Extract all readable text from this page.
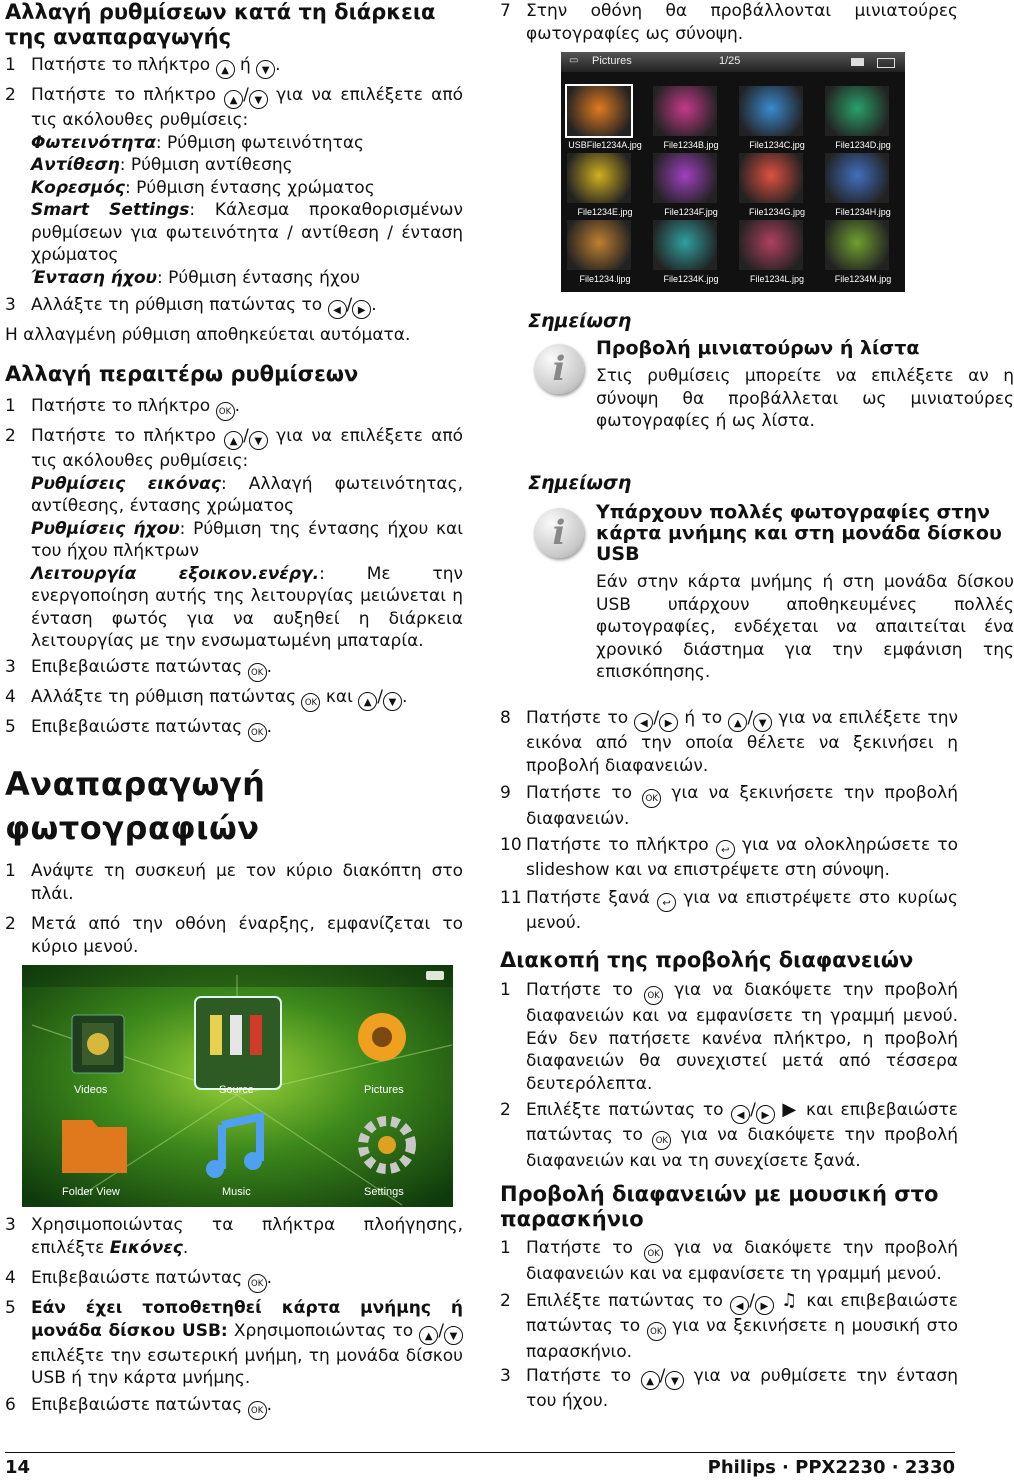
Αλλαγή ρυθμίσεων κατά τη διάρκεια της αναπαραγωγής

1 Πατήστε το πλήκτρο ▲ ή ▼ .
2 Πατήστε το πλήκτρο ▲ / ▼ για να επιλέξετε από τις ακόλουθες ρυθμίσεις:
Φωτεινότητα: Ρύθμιση φωτεινότητας
Αντίθεση: Ρύθμιση αντίθεσης
Κορεσμός: Ρύθμιση έντασης χρώματος
Smart Settings: Κάλεσμα προκαθορισμένων ρυθμίσεων για φωτεινότητα / αντίθεση / ένταση χρώματος
Ένταση ήχου: Ρύθμιση έντασης ήχου
3 Αλλάξτε τη ρύθμιση πατώντας το ◀ / ▶ .

Η αλλαγμένη ρύθμιση αποθηκεύεται αυτόματα.

Αλλαγή περαιτέρω ρυθμίσεων

1 Πατήστε το πλήκτρο OK .
2 Πατήστε το πλήκτρο ▲ / ▼ για να επιλέξετε από τις ακόλουθες ρυθμίσεις:
Ρυθμίσεις εικόνας: Αλλαγή φωτεινότητας, αντίθεσης, έντασης χρώματος
Ρυθμίσεις ήχου: Ρύθμιση της έντασης ήχου και του ήχου πλήκτρων
Λειτουργία εξοικον.ενέργ.: Με την ενεργοποίηση αυτής της λειτουργίας μειώνεται η ένταση φωτός για να αυξηθεί η διάρκεια λειτουργίας με την ενσωματωμένη μπαταρία.
3 Επιβεβαιώστε πατώντας OK .
4 Αλλάξτε τη ρύθμιση πατώντας OK και ▲ / ▼ .
5 Επιβεβαιώστε πατώντας OK .

Αναπαραγωγή φωτογραφιών

1 Ανάψτε τη συσκευή με τον κύριο διακόπτη στο πλάι.
2 Μετά από την οθόνη έναρξης, εμφανίζεται το κύριο μενού.
Videos	Source	Pictures
Folder View	Music	Settings
3 Χρησιμοποιώντας τα πλήκτρα πλοήγησης, επιλέξτε Εικόνες.
4 Επιβεβαιώστε πατώντας OK .
5 Εάν έχει τοποθετηθεί κάρτα μνήμης ή μονάδα δίσκου USB: Χρησιμοποιώντας το ▲ / ▼ επιλέξτε την εσωτερική μνήμη, τη μονάδα δίσκου USB ή την κάρτα μνήμης.
6 Επιβεβαιώστε πατώντας OK .
7 Στην οθόνη θα προβάλλονται μινιατούρες φωτογραφίες ως σύνοψη.
▭ Pictures	1/25
USBFile1234A.jpg	File1234B.jpg	File1234C.jpg	File1234D.jpg
File1234E.jpg	File1234F.jpg	File1234G.jpg	File1234H.jpg
File1234.ljpg	File1234K.jpg	File1234L.jpg	File1234M.jpg

Σημείωση

i

Προβολή μινιατούρων ή λίστα

Στις ρυθμίσεις μπορείτε να επιλέξετε αν η σύνοψη θα προβάλλεται ως μινιατούρες φωτογραφίες ή ως λίστα.

Σημείωση

i

Υπάρχουν πολλές φωτογραφίες στην κάρτα μνήμης και στη μονάδα δίσκου USB

Εάν στην κάρτα μνήμης ή στη μονάδα δίσκου USB υπάρχουν αποθηκευμένες πολλές φωτογραφίες, ενδέχεται να απαιτείται ένα χρονικό διάστημα για την εμφάνιση της επισκόπησης.

8 Πατήστε το ◀ / ▶ ή το ▲ / ▼ για να επιλέξετε την εικόνα από την οποία θέλετε να ξεκινήσει η προβολή διαφανειών.
9 Πατήστε το OK για να ξεκινήσετε την προβολή διαφανειών.
10 Πατήστε το πλήκτρο ↩ για να ολοκληρώσετε το slideshow και να επιστρέψετε στη σύνοψη.
11 Πατήστε ξανά ↩ για να επιστρέψετε στο κυρίως μενού.

Διακοπή της προβολής διαφανειών

1 Πατήστε το OK για να διακόψετε την προβολή διαφανειών και να εμφανίσετε τη γραμμή μενού. Εάν δεν πατήσετε κανένα πλήκτρο, η προβολή διαφανειών θα συνεχιστεί μετά από τέσσερα δευτερόλεπτα.
2 Επιλέξτε πατώντας το ◀ / ▶ ▶ και επιβεβαιώστε πατώντας το OK για να διακόψετε την προβολή διαφανειών και να τη συνεχίσετε ξανά.

Προβολή διαφανειών με μουσική στο παρασκήνιο

1 Πατήστε το OK για να διακόψετε την προβολή διαφανειών και να εμφανίσετε τη γραμμή μενού.
2 Επιλέξτε πατώντας το ◀ / ▶ ♫ και επιβεβαιώστε πατώντας το OK για να ξεκινήσετε η μουσική στο παρασκήνιο.
3 Πατήστε το ▲ / ▼ για να ρυθμίσετε την ένταση του ήχου.
14	Philips · PPX2230 · 2330
